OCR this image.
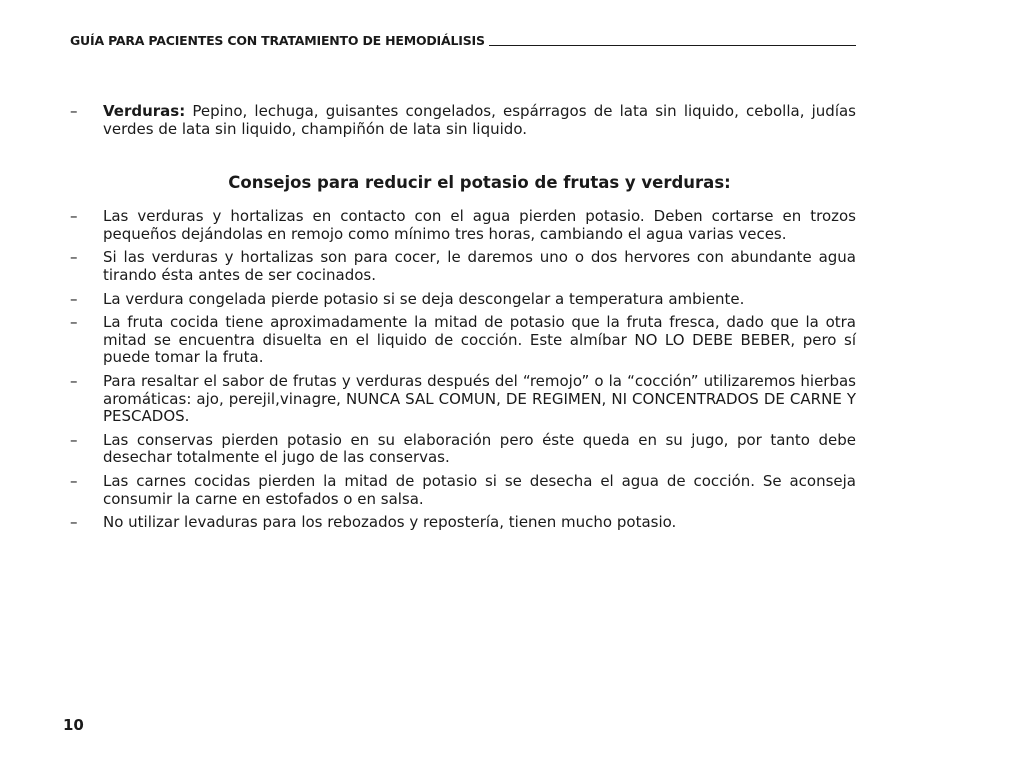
GUÍA PARA PACIENTES CON TRATAMIENTO DE HEMODIÁLISIS
–	Verduras: Pepino, lechuga, guisantes congelados, espárragos de lata sin liquido, cebolla, judías verdes de lata sin liquido, champiñón de lata sin liquido.
Consejos para reducir el potasio de frutas y verduras:
–	Las verduras y hortalizas en contacto con el agua pierden potasio. Deben cortarse en trozos pequeños dejándolas en remojo como mínimo tres horas, cambiando el agua varias veces.
–	Si las verduras y hortalizas son para cocer, le daremos uno o dos hervores con abundante agua tirando ésta antes de ser cocinados.
–	La verdura congelada pierde potasio si se deja descongelar a temperatura ambiente.
–	La fruta cocida tiene aproximadamente la mitad de potasio que la fruta fresca, dado que la otra mitad se encuentra disuelta en el liquido de cocción. Este almíbar NO LO DEBE BEBER, pero sí puede tomar la fruta.
–	Para resaltar el sabor de frutas y verduras después del “remojo” o la “cocción” utilizaremos hierbas aromáticas: ajo, perejil,vinagre, NUNCA SAL COMUN, DE REGIMEN, NI CONCENTRADOS DE CARNE Y PESCADOS.
–	Las conservas pierden potasio en su elaboración pero éste queda en su jugo, por tanto debe desechar totalmente el jugo de las conservas.
–	Las carnes cocidas pierden la mitad de potasio si se desecha el agua de cocción. Se aconseja consumir la carne en estofados o en salsa.
–	No utilizar levaduras para los rebozados y repostería, tienen mucho potasio.
10
